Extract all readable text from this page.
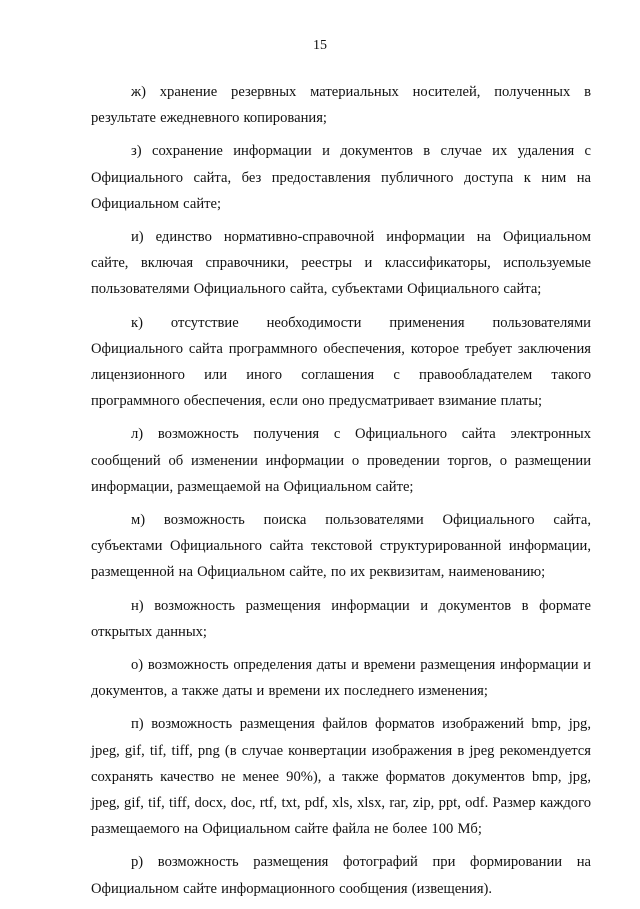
15

ж) хранение резервных материальных носителей, полученных в результате ежедневного копирования;

з) сохранение информации и документов в случае их удаления с Официального сайта, без предоставления публичного доступа к ним на Официальном сайте;

и) единство нормативно-справочной информации на Официальном сайте, включая справочники, реестры и классификаторы, используемые пользователями Официального сайта, субъектами Официального сайта;

к) отсутствие необходимости применения пользователями Официального сайта программного обеспечения, которое требует заключения лицензионного или иного соглашения с правообладателем такого программного обеспечения, если оно предусматривает взимание платы;

л) возможность получения с Официального сайта электронных сообщений об изменении информации о проведении торгов, о размещении информации, размещаемой на Официальном сайте;

м) возможность поиска пользователями Официального сайта, субъектами Официального сайта текстовой структурированной информации, размещенной на Официальном сайте, по их реквизитам, наименованию;

н) возможность размещения информации и документов в формате открытых данных;

о) возможность определения даты и времени размещения информации и документов, а также даты и времени их последнего изменения;

п) возможность размещения файлов форматов изображений bmp, jpg, jpeg, gif, tif, tiff, png (в случае конвертации изображения в jpeg рекомендуется сохранять качество не менее 90%), а также форматов документов bmp, jpg, jpeg, gif, tif, tiff, docx, doc, rtf, txt, pdf, xls, xlsx, rar, zip, ppt, odf. Размер каждого размещаемого на Официальном сайте файла не более 100 Мб;

р) возможность размещения фотографий при формировании на Официальном сайте информационного сообщения (извещения).
